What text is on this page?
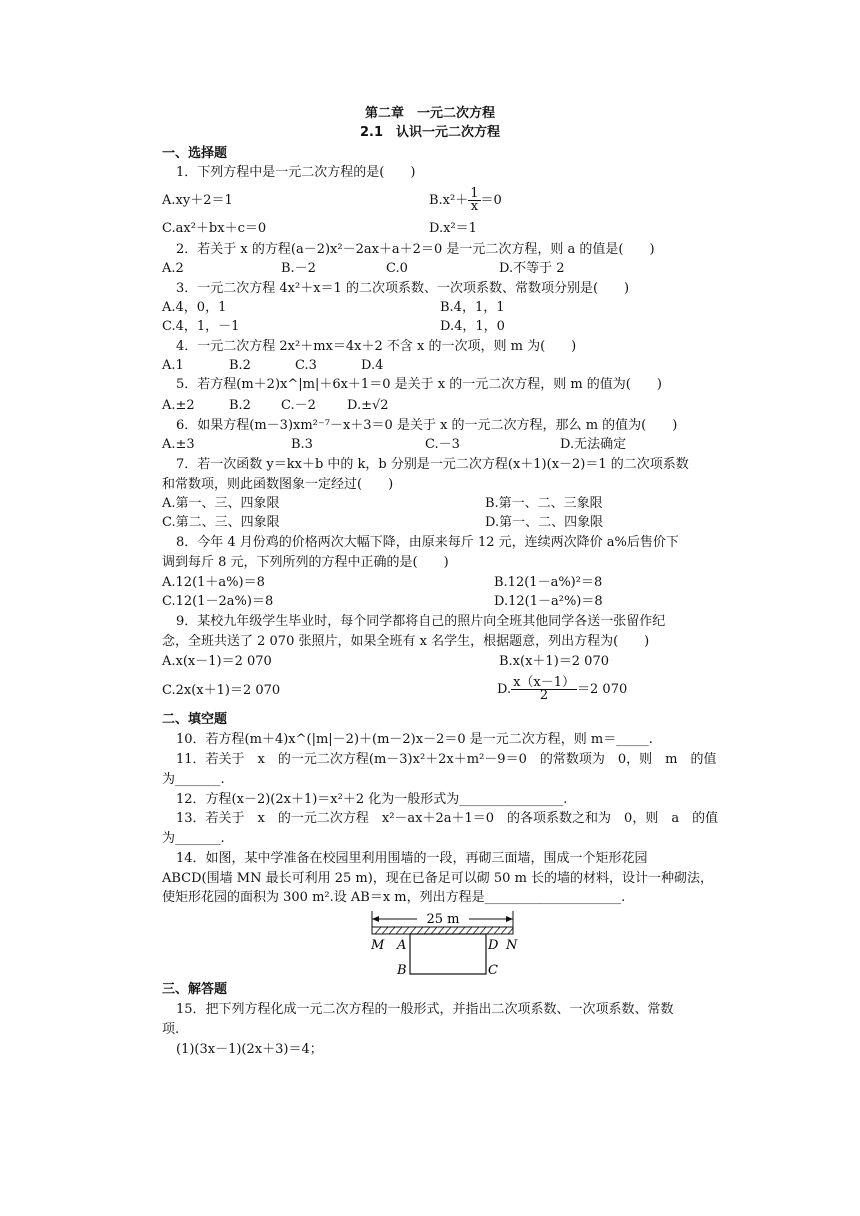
第二章　一元二次方程
2.1　认识一元二次方程
一、选择题
1．下列方程中是一元二次方程的是(　　)
A.xy＋2＝1	$B.x^2+ \frac{1}{x} =0$
C.ax²＋bx＋c＝0	D.x²＝1
2．若关于 x 的方程(a－2)x²－2ax＋a＋2＝0 是一元二次方程，则 a 的值是(　　)
A.2	B.－2	C.0	D.不等于 2
3．一元二次方程 4x²＋x＝1 的二次项系数、一次项系数、常数项分别是(　　)
A.4，0，1	B.4，1，1
C.4，1，－1	D.4，1，0
4．一元二次方程 2x²＋mx＝4x＋2 不含 x 的一次项，则 m 为(　　)
A.1	B.2	C.3	D.4
5．若方程(m＋2)x^|m|＋6x＋1＝0 是关于 x 的一元二次方程，则 m 的值为(　　)
A.±2	B.2 C.－2 D.±√2
6．如果方程(m－3)xm²⁻⁷－x＋3＝0 是关于 x 的一元二次方程，那么 m 的值为(　　)
A.±3	B.3	C.－3	D.无法确定
7．若一次函数 y＝kx＋b 中的 k，b 分别是一元二次方程(x＋1)(x－2)＝1 的二次项系数
和常数项，则此函数图象一定经过(　　)
A.第一、三、四象限	B.第一、二、三象限
C.第二、三、四象限	D.第一、二、四象限
8．今年 4 月份鸡的价格两次大幅下降，由原来每斤 12 元，连续两次降价 a%后售价下
调到每斤 8 元，下列所列的方程中正确的是(　　)
A.12(1＋a%)＝8	B.12(1－a%)²＝8
C.12(1－2a%)＝8	D.12(1－a²%)＝8
9．某校九年级学生毕业时，每个同学都将自己的照片向全班其他同学各送一张留作纪
念，全班共送了 2 070 张照片，如果全班有 x 名学生，根据题意，列出方程为(　　)
A.x(x－1)＝2 070	B.x(x＋1)＝2 070
C.2x(x＋1)＝2 070	D. $\frac{x(x-1)}{2} =2$ 070
二、填空题
10．若方程(m＋4)x^(|m|－2)＋(m－2)x－2＝0 是一元二次方程，则 m＝_____.
11．若关于　x　的一元二次方程(m－3)x²＋2x＋m²－9＝0　的常数项为　0，则　m　的值
为_______.
12．方程(x－2)(2x＋1)＝x²＋2 化为一般形式为________________.
13．若关于　x　的一元二次方程　x²－ax＋2a＋1＝0　的各项系数之和为　0，则　a　的值
为_______.
14．如图，某中学准备在校园里利用围墙的一段，再砌三面墙，围成一个矩形花园
ABCD(围墙 MN 最长可利用 25 m)，现在已备足可以砌 50 m 长的墙的材料，设计一种砌法，
使矩形花园的面积为 300 m².设 AB＝x m，列出方程是_____________________.
25 m
M A	D N
B	C
三、解答题
15．把下列方程化成一元二次方程的一般形式，并指出二次项系数、一次项系数、常数
项.
(1)(3x－1)(2x＋3)＝4；
